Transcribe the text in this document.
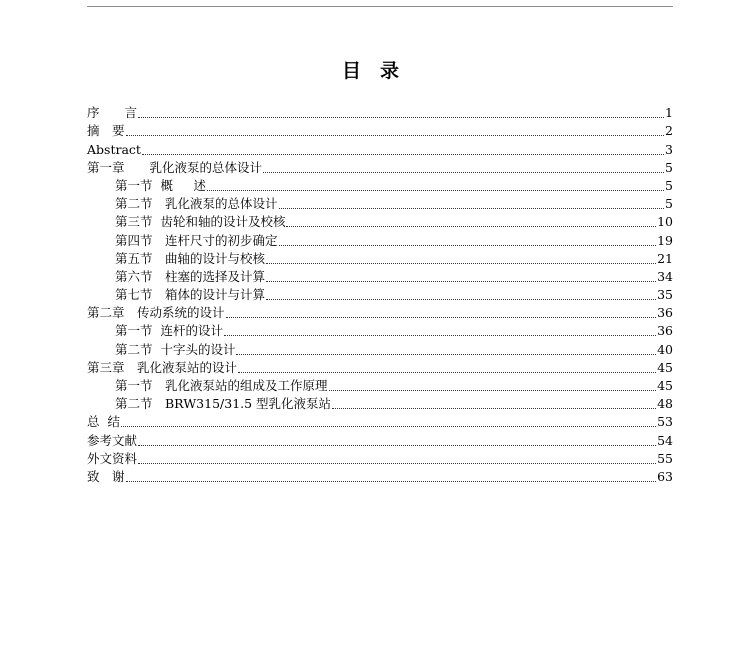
目　录
序　　言	1
摘　要	2
Abstract	3
第一章　　乳化液泵的总体设计	5
第一节  概　  述	5
第二节　乳化液泵的总体设计	5
第三节  齿轮和轴的设计及校核	10
第四节　连杆尺寸的初步确定	19
第五节　曲轴的设计与校核	21
第六节　柱塞的选择及计算	34
第七节　箱体的设计与计算	35
第二章　传动系统的设计	36
第一节  连杆的设计	36
第二节  十字头的设计	40
第三章　乳化液泵站的设计	45
第一节　乳化液泵站的组成及工作原理	45
第二节　BRW315/31.5 型乳化液泵站	48
总  结	53
参考文献	54
外文资料	55
致　谢	63
